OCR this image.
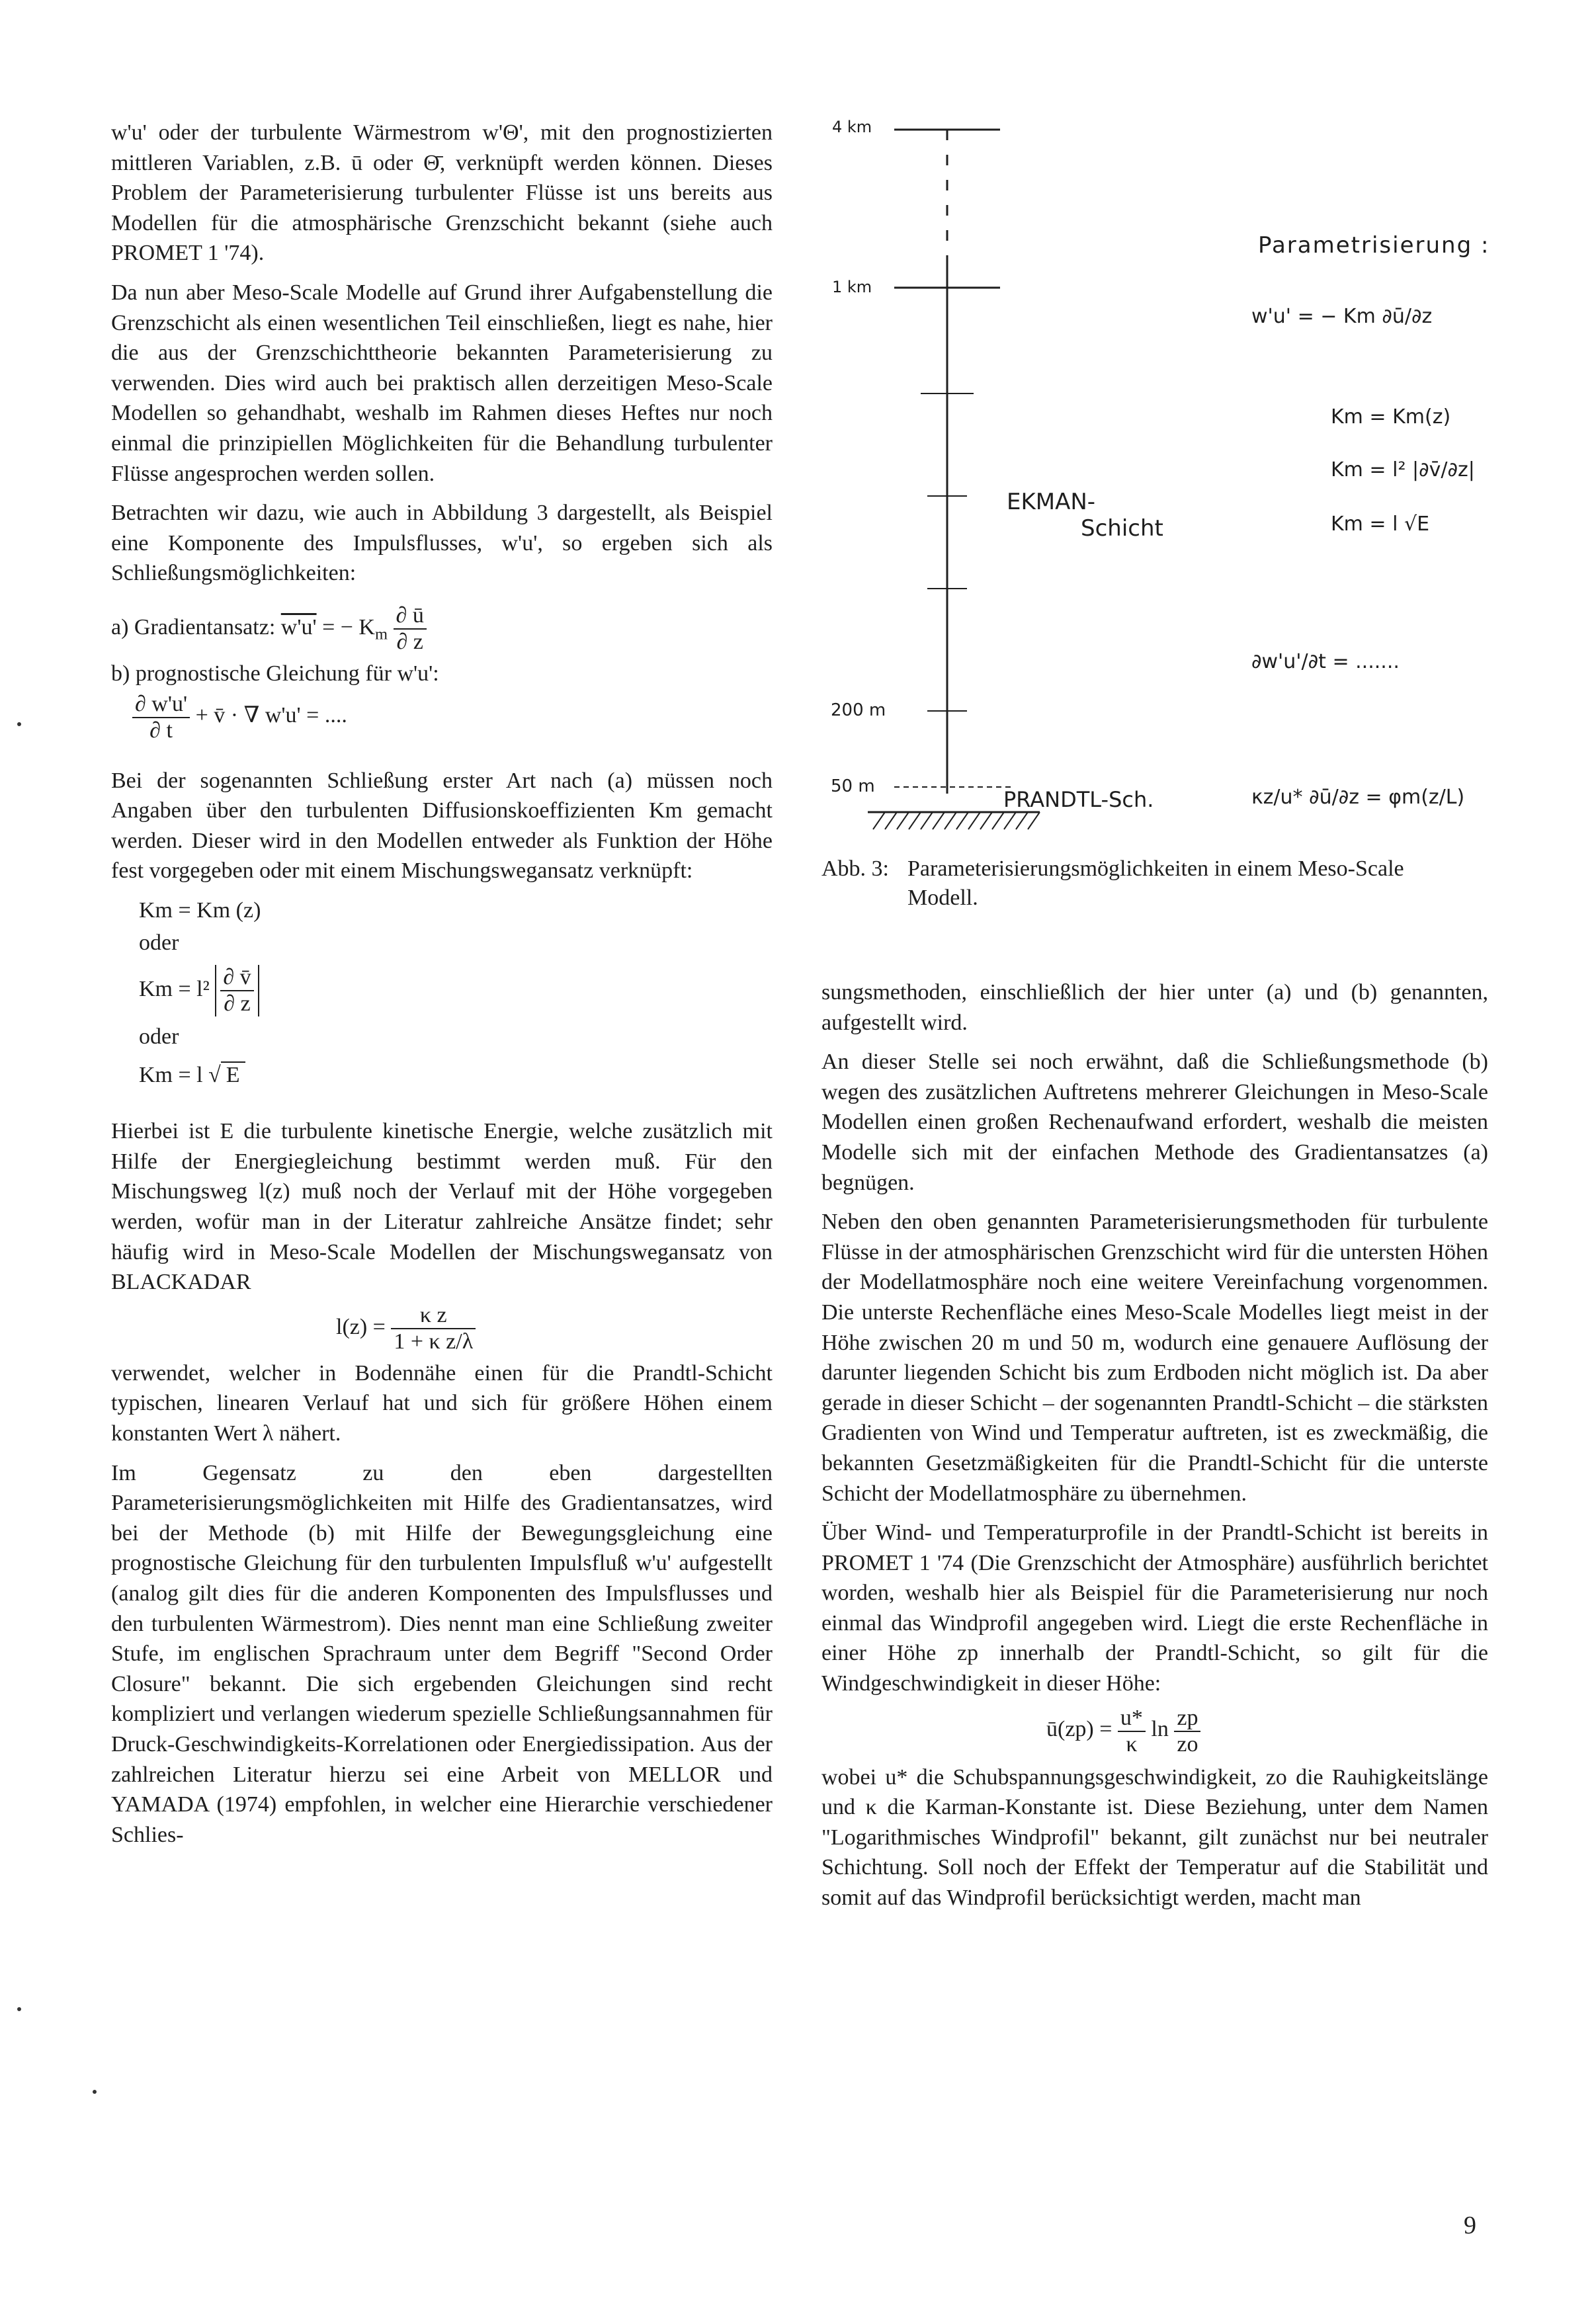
w'u' oder der turbulente Wärmestrom w'Θ', mit den prognostizierten mittleren Variablen, z.B. ū oder Θ̄, verknüpft werden können. Dieses Problem der Parameterisierung turbulenter Flüsse ist uns bereits aus Modellen für die atmosphärische Grenzschicht bekannt (siehe auch PROMET 1 '74).

Da nun aber Meso-Scale Modelle auf Grund ihrer Aufgabenstellung die Grenzschicht als einen wesentlichen Teil einschließen, liegt es nahe, hier die aus der Grenzschichttheorie bekannten Parameterisierung zu verwenden. Dies wird auch bei praktisch allen derzeitigen Meso-Scale Modellen so gehandhabt, weshalb im Rahmen dieses Heftes nur noch einmal die prinzipiellen Möglichkeiten für die Behandlung turbulenter Flüsse angesprochen werden sollen.

Betrachten wir dazu, wie auch in Abbildung 3 dargestellt, als Beispiel eine Komponente des Impulsflusses, w'u', so ergeben sich als Schließungsmöglichkeiten:

a) Gradientansatz: w'u' = − $K_m \frac{\partial ū}{\partial z}$
b) prognostische Gleichung für w'u':
$\frac{\partial w'u'}{\partial t}$ + v̄ · ∇ w'u' = ....

Bei der sogenannten Schließung erster Art nach (a) müssen noch Angaben über den turbulenten Diffusionskoeffizienten Km gemacht werden. Dieser wird in den Modellen entweder als Funktion der Höhe fest vorgegeben oder mit einem Mischungswegansatz verknüpft:

Km = Km (z)
oder
$Km = l^2 \frac{\partial v̄}{\partial z}$
oder
Km = l √ E

Hierbei ist E die turbulente kinetische Energie, welche zusätzlich mit Hilfe der Energiegleichung bestimmt werden muß. Für den Mischungsweg l(z) muß noch der Verlauf mit der Höhe vorgegeben werden, wofür man in der Literatur zahlreiche Ansätze findet; sehr häufig wird in Meso-Scale Modellen der Mischungswegansatz von BLACKADAR

$l(z) = \frac{\text{κ z}}{\text{1 + κ z/λ}}$

verwendet, welcher in Bodennähe einen für die Prandtl-Schicht typischen, linearen Verlauf hat und sich für größere Höhen einem konstanten Wert λ nähert.

Im Gegensatz zu den eben dargestellten Parameterisierungsmöglichkeiten mit Hilfe des Gradientansatzes, wird bei der Methode (b) mit Hilfe der Bewegungsgleichung eine prognostische Gleichung für den turbulenten Impulsfluß w'u' aufgestellt (analog gilt dies für die anderen Komponenten des Impulsflusses und den turbulenten Wärmestrom). Dies nennt man eine Schließung zweiter Stufe, im englischen Sprachraum unter dem Begriff "Second Order Closure" bekannt. Die sich ergebenden Gleichungen sind recht kompliziert und verlangen wiederum spezielle Schließungsannahmen für Druck-Geschwindigkeits-Korrelationen oder Energiedissipation. Aus der zahlreichen Literatur hierzu sei eine Arbeit von MELLOR und YAMADA (1974) empfohlen, in welcher eine Hierarchie verschiedener Schlies-

4 km
1 km
200 m
50 m
EKMAN-
Schicht
PRANDTL-Sch.
Parametrisierung :
w'u' = − Km ∂ū/∂z
Km = Km(z)
Km = l² |∂v̄/∂z|
Km = l √E
∂w'u'/∂t = .......
κz/u* ∂ū/∂z = φm(z/L)
Abb. 3: Parameterisierungsmöglichkeiten in einem Meso-Scale Modell.

sungsmethoden, einschließlich der hier unter (a) und (b) genannten, aufgestellt wird.

An dieser Stelle sei noch erwähnt, daß die Schließungsmethode (b) wegen des zusätzlichen Auftretens mehrerer Gleichungen in Meso-Scale Modellen einen großen Rechenaufwand erfordert, weshalb die meisten Modelle sich mit der einfachen Methode des Gradientansatzes (a) begnügen.

Neben den oben genannten Parameterisierungsmethoden für turbulente Flüsse in der atmosphärischen Grenzschicht wird für die untersten Höhen der Modellatmosphäre noch eine weitere Vereinfachung vorgenommen. Die unterste Rechenfläche eines Meso-Scale Modelles liegt meist in der Höhe zwischen 20 m und 50 m, wodurch eine genauere Auflösung der darunter liegenden Schicht bis zum Erdboden nicht möglich ist. Da aber gerade in dieser Schicht – der sogenannten Prandtl-Schicht – die stärksten Gradienten von Wind und Temperatur auftreten, ist es zweckmäßig, die bekannten Gesetzmäßigkeiten für die Prandtl-Schicht für die unterste Schicht der Modellatmosphäre zu übernehmen.

Über Wind- und Temperaturprofile in der Prandtl-Schicht ist bereits in PROMET 1 '74 (Die Grenzschicht der Atmosphäre) ausführlich berichtet worden, weshalb hier als Beispiel für die Parameterisierung nur noch einmal das Windprofil angegeben wird. Liegt die erste Rechenfläche in einer Höhe zp innerhalb der Prandtl-Schicht, so gilt für die Windgeschwindigkeit in dieser Höhe:

ū(zp) = $\frac{u*}{\kappa}$ $\ln \frac{zp}{zo}$

wobei u* die Schubspannungsgeschwindigkeit, zo die Rauhigkeitslänge und κ die Karman-Konstante ist. Diese Beziehung, unter dem Namen "Logarithmisches Windprofil" bekannt, gilt zunächst nur bei neutraler Schichtung. Soll noch der Effekt der Temperatur auf die Stabilität und somit auf das Windprofil berücksichtigt werden, macht man

9
